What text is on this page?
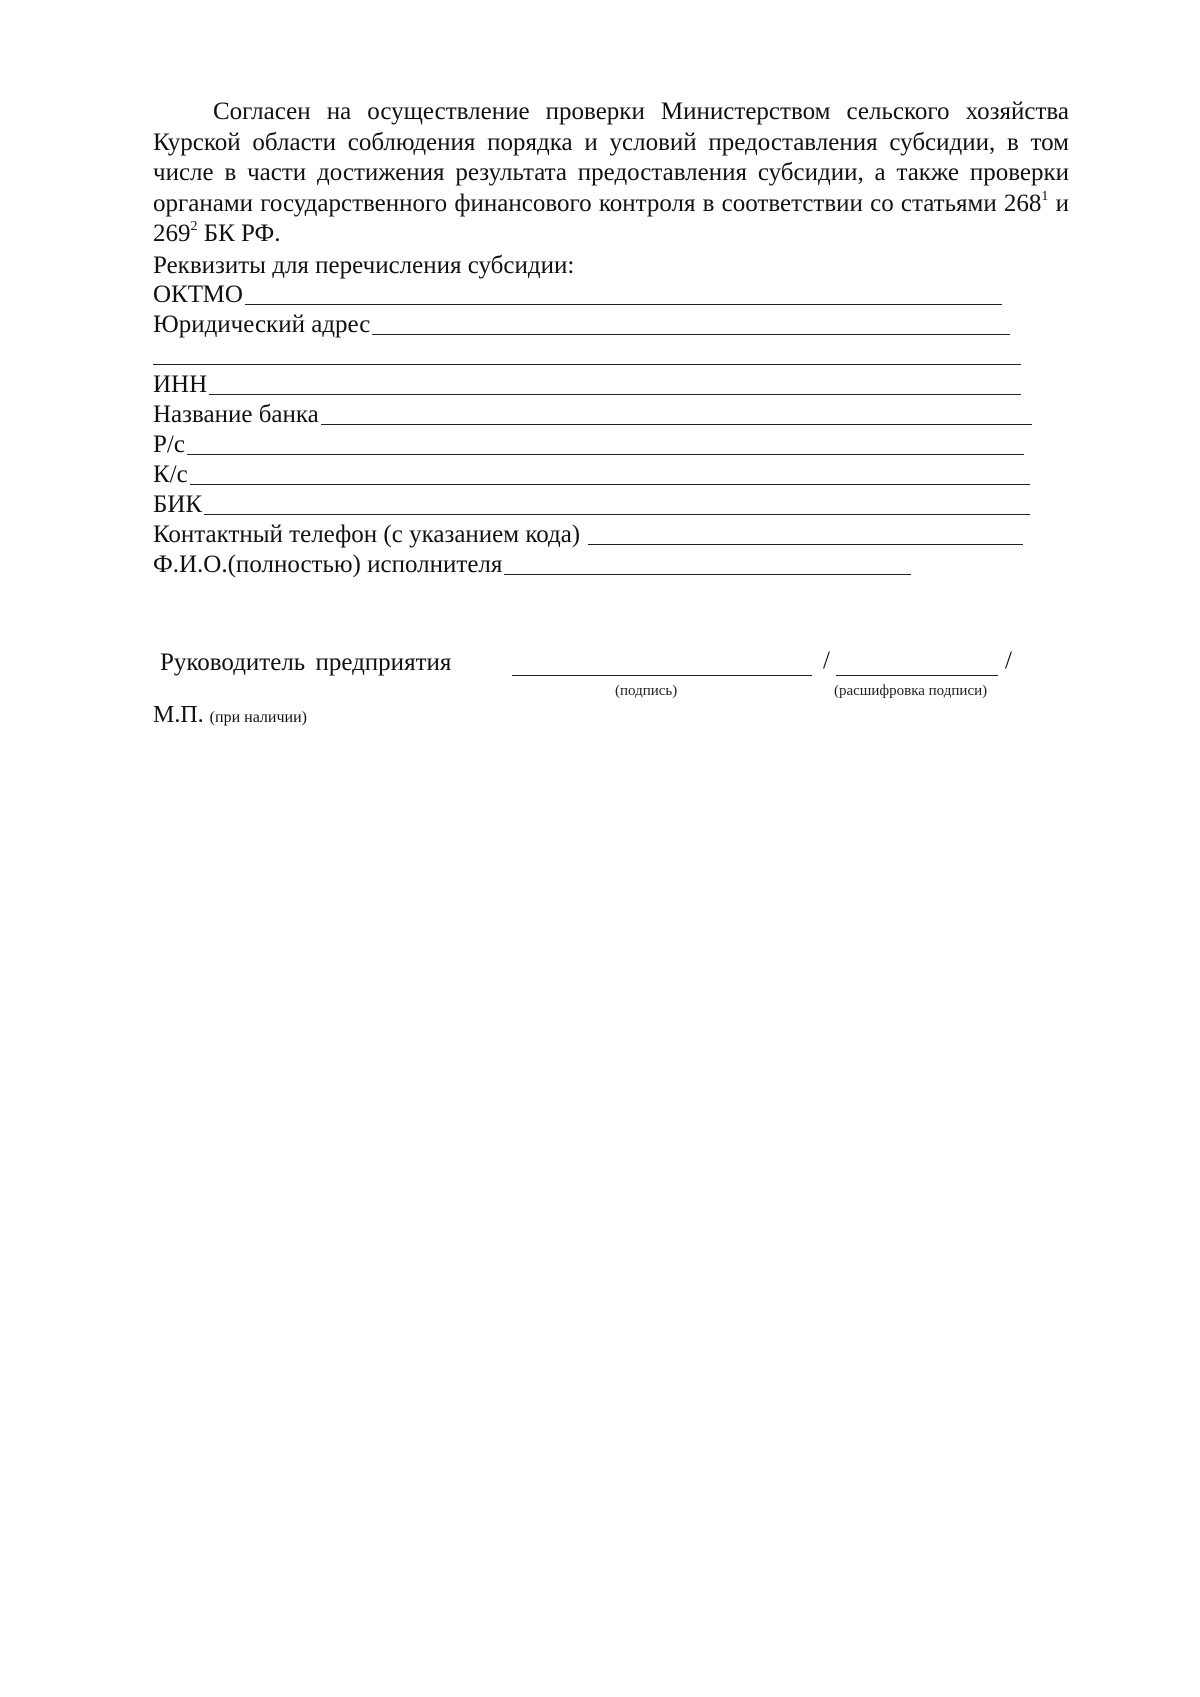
Согласен на осуществление проверки Министерством сельского хозяйства Курской области соблюдения порядка и условий предоставления субсидии, в том числе в части достижения результата предоставления субсидии, а также проверки органами государственного финансового контроля в соответствии со статьями $268^1$ и $269^2$ БК РФ.

Реквизиты для перечисления субсидии:

ОКТМО
Юридический адрес
ИНН
Название банка
Р/с
К/с
БИК
Контактный телефон (с указанием кода)
Ф.И.О.(полностью) исполнителя
Руководитель предприятия	/	/
(подпись)	(расшифровка подписи)
М.П. (при наличии)
